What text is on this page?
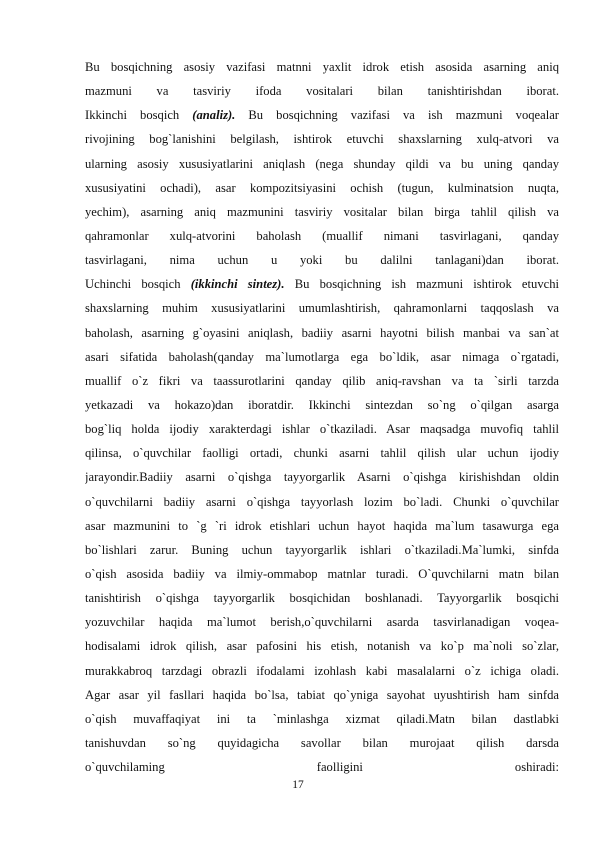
Bu bosqichning asosiy vazifasi matnni yaxlit idrok etish asosida asarning aniq
mazmuni va tasviriy ifoda vositalari bilan tanishtirishdan iborat.
Ikkinchi bosqich (analiz). Bu bosqichning vazifasi va ish mazmuni voqealar
rivojining bog`lanishini belgilash, ishtirok etuvchi shaxslarning xulq-atvori va
ularning asosiy xususiyatlarini aniqlash (nega shunday qildi va bu uning qanday
xususiyatini ochadi), asar kompozitsiyasini ochish (tugun, kulminatsion nuqta,
yechim), asarning aniq mazmunini tasviriy vositalar bilan birga tahlil qilish va
qahramonlar xulq-atvorini baholash (muallif nimani tasvirlagani, qanday
tasvirlagani, nima uchun u yoki bu dalilni tanlagani)dan iborat.
Uchinchi bosqich (ikkinchi sintez). Bu bosqichning ish mazmuni ishtirok etuvchi
shaxslarning muhim xususiyatlarini umumlashtirish, qahramonlarni taqqoslash va
baholash, asarning g`oyasini aniqlash, badiiy asarni hayotni bilish manbai va san`at
asari sifatida baholash(qanday ma`lumotlarga ega bo`ldik, asar nimaga o`rgatadi,
muallif o`z fikri va taassurotlarini qanday qilib aniq-ravshan va ta `sirli tarzda
yetkazadi va hokazo)dan iboratdir. Ikkinchi sintezdan so`ng o`qilgan asarga
bog`liq holda ijodiy xarakterdagi ishlar o`tkaziladi. Asar maqsadga muvofiq tahlil
qilinsa, o`quvchilar faolligi ortadi, chunki asarni tahlil qilish ular uchun ijodiy
jarayondir.Badiiy asarni o`qishga tayyorgarlik Asarni o`qishga kirishishdan oldin
o`quvchilarni badiiy asarni o`qishga tayyorlash lozim bo`ladi. Chunki o`quvchilar
asar mazmunini to `g `ri idrok etishlari uchun hayot haqida ma`lum tasawurga ega
bo`lishlari zarur. Buning uchun tayyorgarlik ishlari o`tkaziladi.Ma`lumki, sinfda
o`qish asosida badiiy va ilmiy-ommabop matnlar turadi. O`quvchilarni matn bilan
tanishtirish o`qishga tayyorgarlik bosqichidan boshlanadi. Tayyorgarlik bosqichi
yozuvchilar haqida ma`lumot berish,o`quvchilarni asarda tasvirlanadigan voqea-
hodisalami idrok qilish, asar pafosini his etish, notanish va ko`p ma`noli so`zlar,
murakkabroq tarzdagi obrazli ifodalami izohlash kabi masalalarni o`z ichiga oladi.
Agar asar yil fasllari haqida bo`lsa, tabiat qo`yniga sayohat uyushtirish ham sinfda
o`qish muvaffaqiyat ini ta `minlashga xizmat qiladi.Matn bilan dastlabki
tanishuvdan so`ng quyidagicha savollar bilan murojaat qilish darsda
o`quvchilaming faolligini oshiradi:
17
